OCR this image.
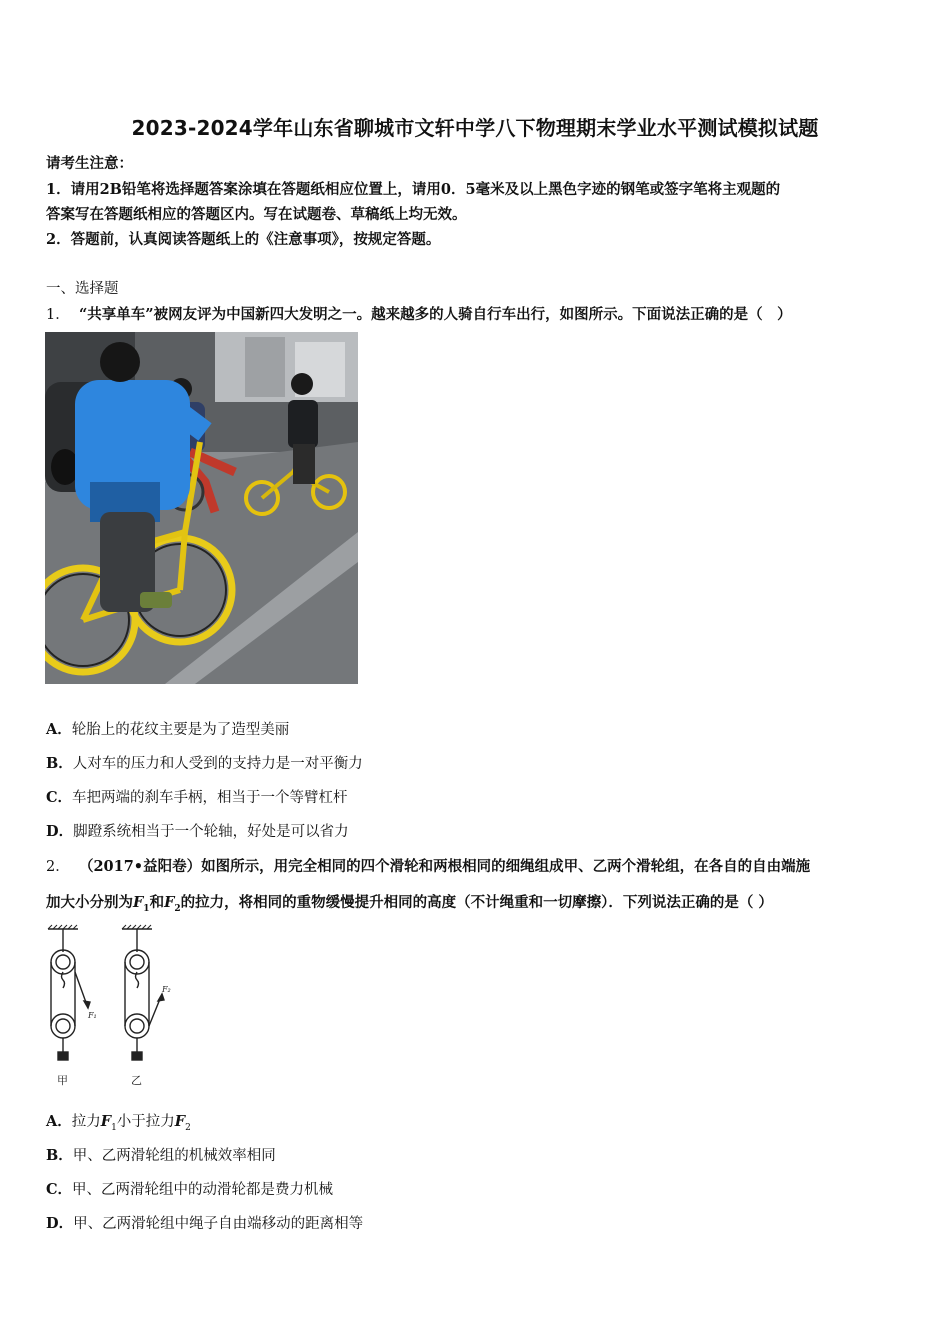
2023-2024学年山东省聊城市文轩中学八下物理期末学业水平测试模拟试题
请考生注意：
1．请用2B铅笔将选择题答案涂填在答题纸相应位置上，请用0．5毫米及以上黑色字迹的钢笔或签字笔将主观题的
答案写在答题纸相应的答题区内。写在试题卷、草稿纸上均无效。
2．答题前，认真阅读答题纸上的《注意事项》，按规定答题。
一、选择题
1． “共享单车”被网友评为中国新四大发明之一。越来越多的人骑自行车出行，如图所示。下面说法正确的是（　）
A．轮胎上的花纹主要是为了造型美丽
B．人对车的压力和人受到的支持力是一对平衡力
C．车把两端的刹车手柄，相当于一个等臂杠杆
D．脚蹬系统相当于一个轮轴，好处是可以省力
2． （2017•益阳卷）如图所示，用完全相同的四个滑轮和两根相同的细绳组成甲、乙两个滑轮组，在各自的自由端施
加大小分别为$F_1$和$F_2$的拉力，将相同的重物缓慢提升相同的高度（不计绳重和一切摩擦）．下列说法正确的是（ ）
F₁
F₂
甲	乙
A．拉力$F_1$小于拉力$F_2$
B．甲、乙两滑轮组的机械效率相同
C．甲、乙两滑轮组中的动滑轮都是费力机械
D．甲、乙两滑轮组中绳子自由端移动的距离相等
